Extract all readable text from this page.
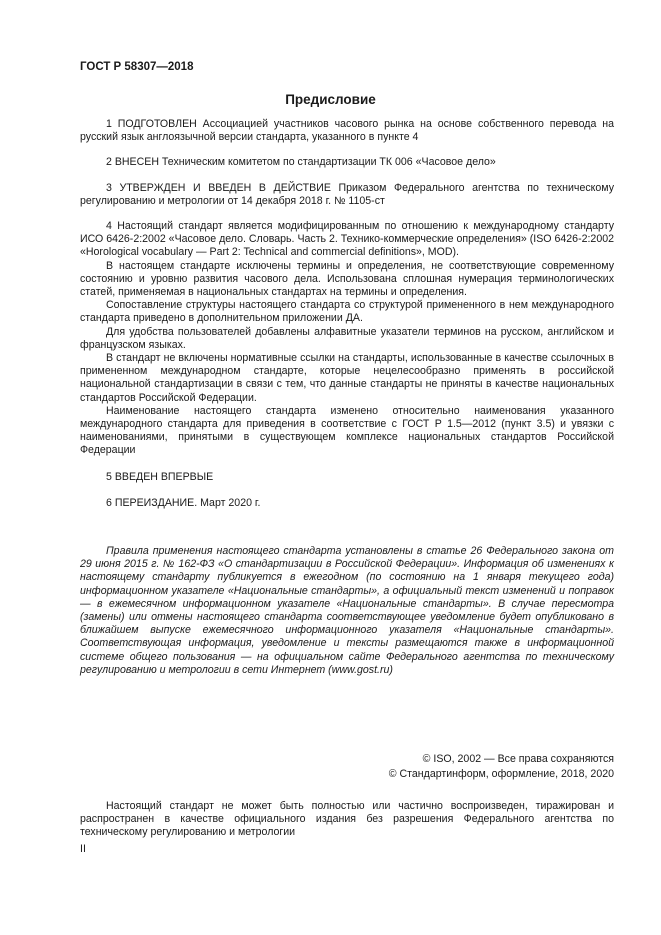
ГОСТ Р 58307—2018

Предисловие

1 ПОДГОТОВЛЕН Ассоциацией участников часового рынка на основе собственного перевода на русский язык англоязычной версии стандарта, указанного в пункте 4

2 ВНЕСЕН Техническим комитетом по стандартизации ТК 006 «Часовое дело»

3 УТВЕРЖДЕН И ВВЕДЕН В ДЕЙСТВИЕ Приказом Федерального агентства по техническому регулированию и метрологии от 14 декабря 2018 г. № 1105-ст

4 Настоящий стандарт является модифицированным по отношению к международному стандарту ИСО 6426-2:2002 «Часовое дело. Словарь. Часть 2. Технико-коммерческие определения» (ISO 6426-2:2002 «Horological vocabulary — Part 2: Technical and commercial definitions», MOD).

В настоящем стандарте исключены термины и определения, не соответствующие современному состоянию и уровню развития часового дела. Использована сплошная нумерация терминологических статей, применяемая в национальных стандартах на термины и определения.

Сопоставление структуры настоящего стандарта со структурой примененного в нем международного стандарта приведено в дополнительном приложении ДА.

Для удобства пользователей добавлены алфавитные указатели терминов на русском, английском и французском языках.

В стандарт не включены нормативные ссылки на стандарты, использованные в качестве ссылочных в примененном международном стандарте, которые нецелесообразно применять в российской национальной стандартизации в связи с тем, что данные стандарты не приняты в качестве национальных стандартов Российской Федерации.

Наименование настоящего стандарта изменено относительно наименования указанного международного стандарта для приведения в соответствие с ГОСТ Р 1.5—2012 (пункт 3.5) и увязки с наименованиями, принятыми в существующем комплексе национальных стандартов Российской Федерации

5 ВВЕДЕН ВПЕРВЫЕ

6 ПЕРЕИЗДАНИЕ. Март 2020 г.

Правила применения настоящего стандарта установлены в статье 26 Федерального закона от 29 июня 2015 г. № 162-ФЗ «О стандартизации в Российской Федерации». Информация об изменениях к настоящему стандарту публикуется в ежегодном (по состоянию на 1 января текущего года) информационном указателе «Национальные стандарты», а официальный текст изменений и поправок — в ежемесячном информационном указателе «Национальные стандарты». В случае пересмотра (замены) или отмены настоящего стандарта соответствующее уведомление будет опубликовано в ближайшем выпуске ежемесячного информационного указателя «Национальные стандарты». Соответствующая информация, уведомление и тексты размещаются также в информационной системе общего пользования — на официальном сайте Федерального агентства по техническому регулированию и метрологии в сети Интернет (www.gost.ru)

© ISO, 2002 — Все права сохраняются
© Стандартинформ, оформление, 2018, 2020

Настоящий стандарт не может быть полностью или частично воспроизведен, тиражирован и распространен в качестве официального издания без разрешения Федерального агентства по техническому регулированию и метрологии

II
